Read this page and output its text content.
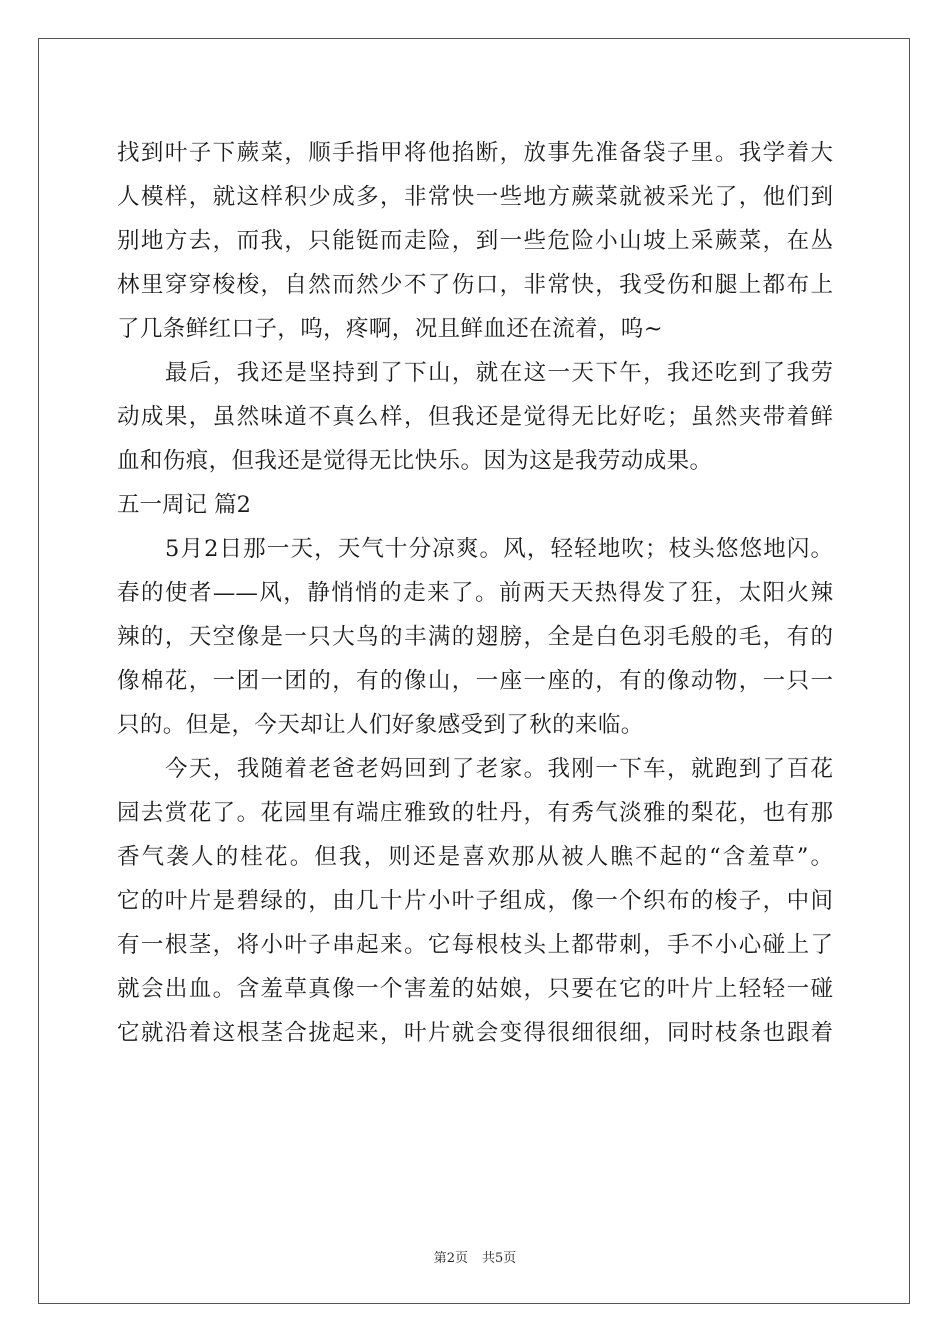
找到叶子下蕨菜，顺手指甲将他掐断，放事先准备袋子里。我学着大
人模样，就这样积少成多，非常快一些地方蕨菜就被采光了，他们到
别地方去，而我，只能铤而走险，到一些危险小山坡上采蕨菜，在丛
林里穿穿梭梭，自然而然少不了伤口，非常快，我受伤和腿上都布上
了几条鲜红口子，呜，疼啊，况且鲜血还在流着，呜~
最后，我还是坚持到了下山，就在这一天下午，我还吃到了我劳
动成果，虽然味道不真么样，但我还是觉得无比好吃；虽然夹带着鲜
血和伤痕，但我还是觉得无比快乐。因为这是我劳动成果。
五一周记 篇2
5月2日那一天，天气十分凉爽。风，轻轻地吹；枝头悠悠地闪。
春的使者——风，静悄悄的走来了。前两天天热得发了狂，太阳火辣
辣的，天空像是一只大鸟的丰满的翅膀，全是白色羽毛般的毛，有的
像棉花，一团一团的，有的像山，一座一座的，有的像动物，一只一
只的。但是，今天却让人们好象感受到了秋的来临。
今天，我随着老爸老妈回到了老家。我刚一下车，就跑到了百花
园去赏花了。花园里有端庄雅致的牡丹，有秀气淡雅的梨花，也有那
香气袭人的桂花。但我，则还是喜欢那从被人瞧不起的“含羞草”。
它的叶片是碧绿的，由几十片小叶子组成，像一个织布的梭子，中间
有一根茎，将小叶子串起来。它每根枝头上都带刺，手不小心碰上了
就会出血。含羞草真像一个害羞的姑娘，只要在它的叶片上轻轻一碰
它就沿着这根茎合拢起来，叶片就会变得很细很细，同时枝条也跟着
第2页 共5页
